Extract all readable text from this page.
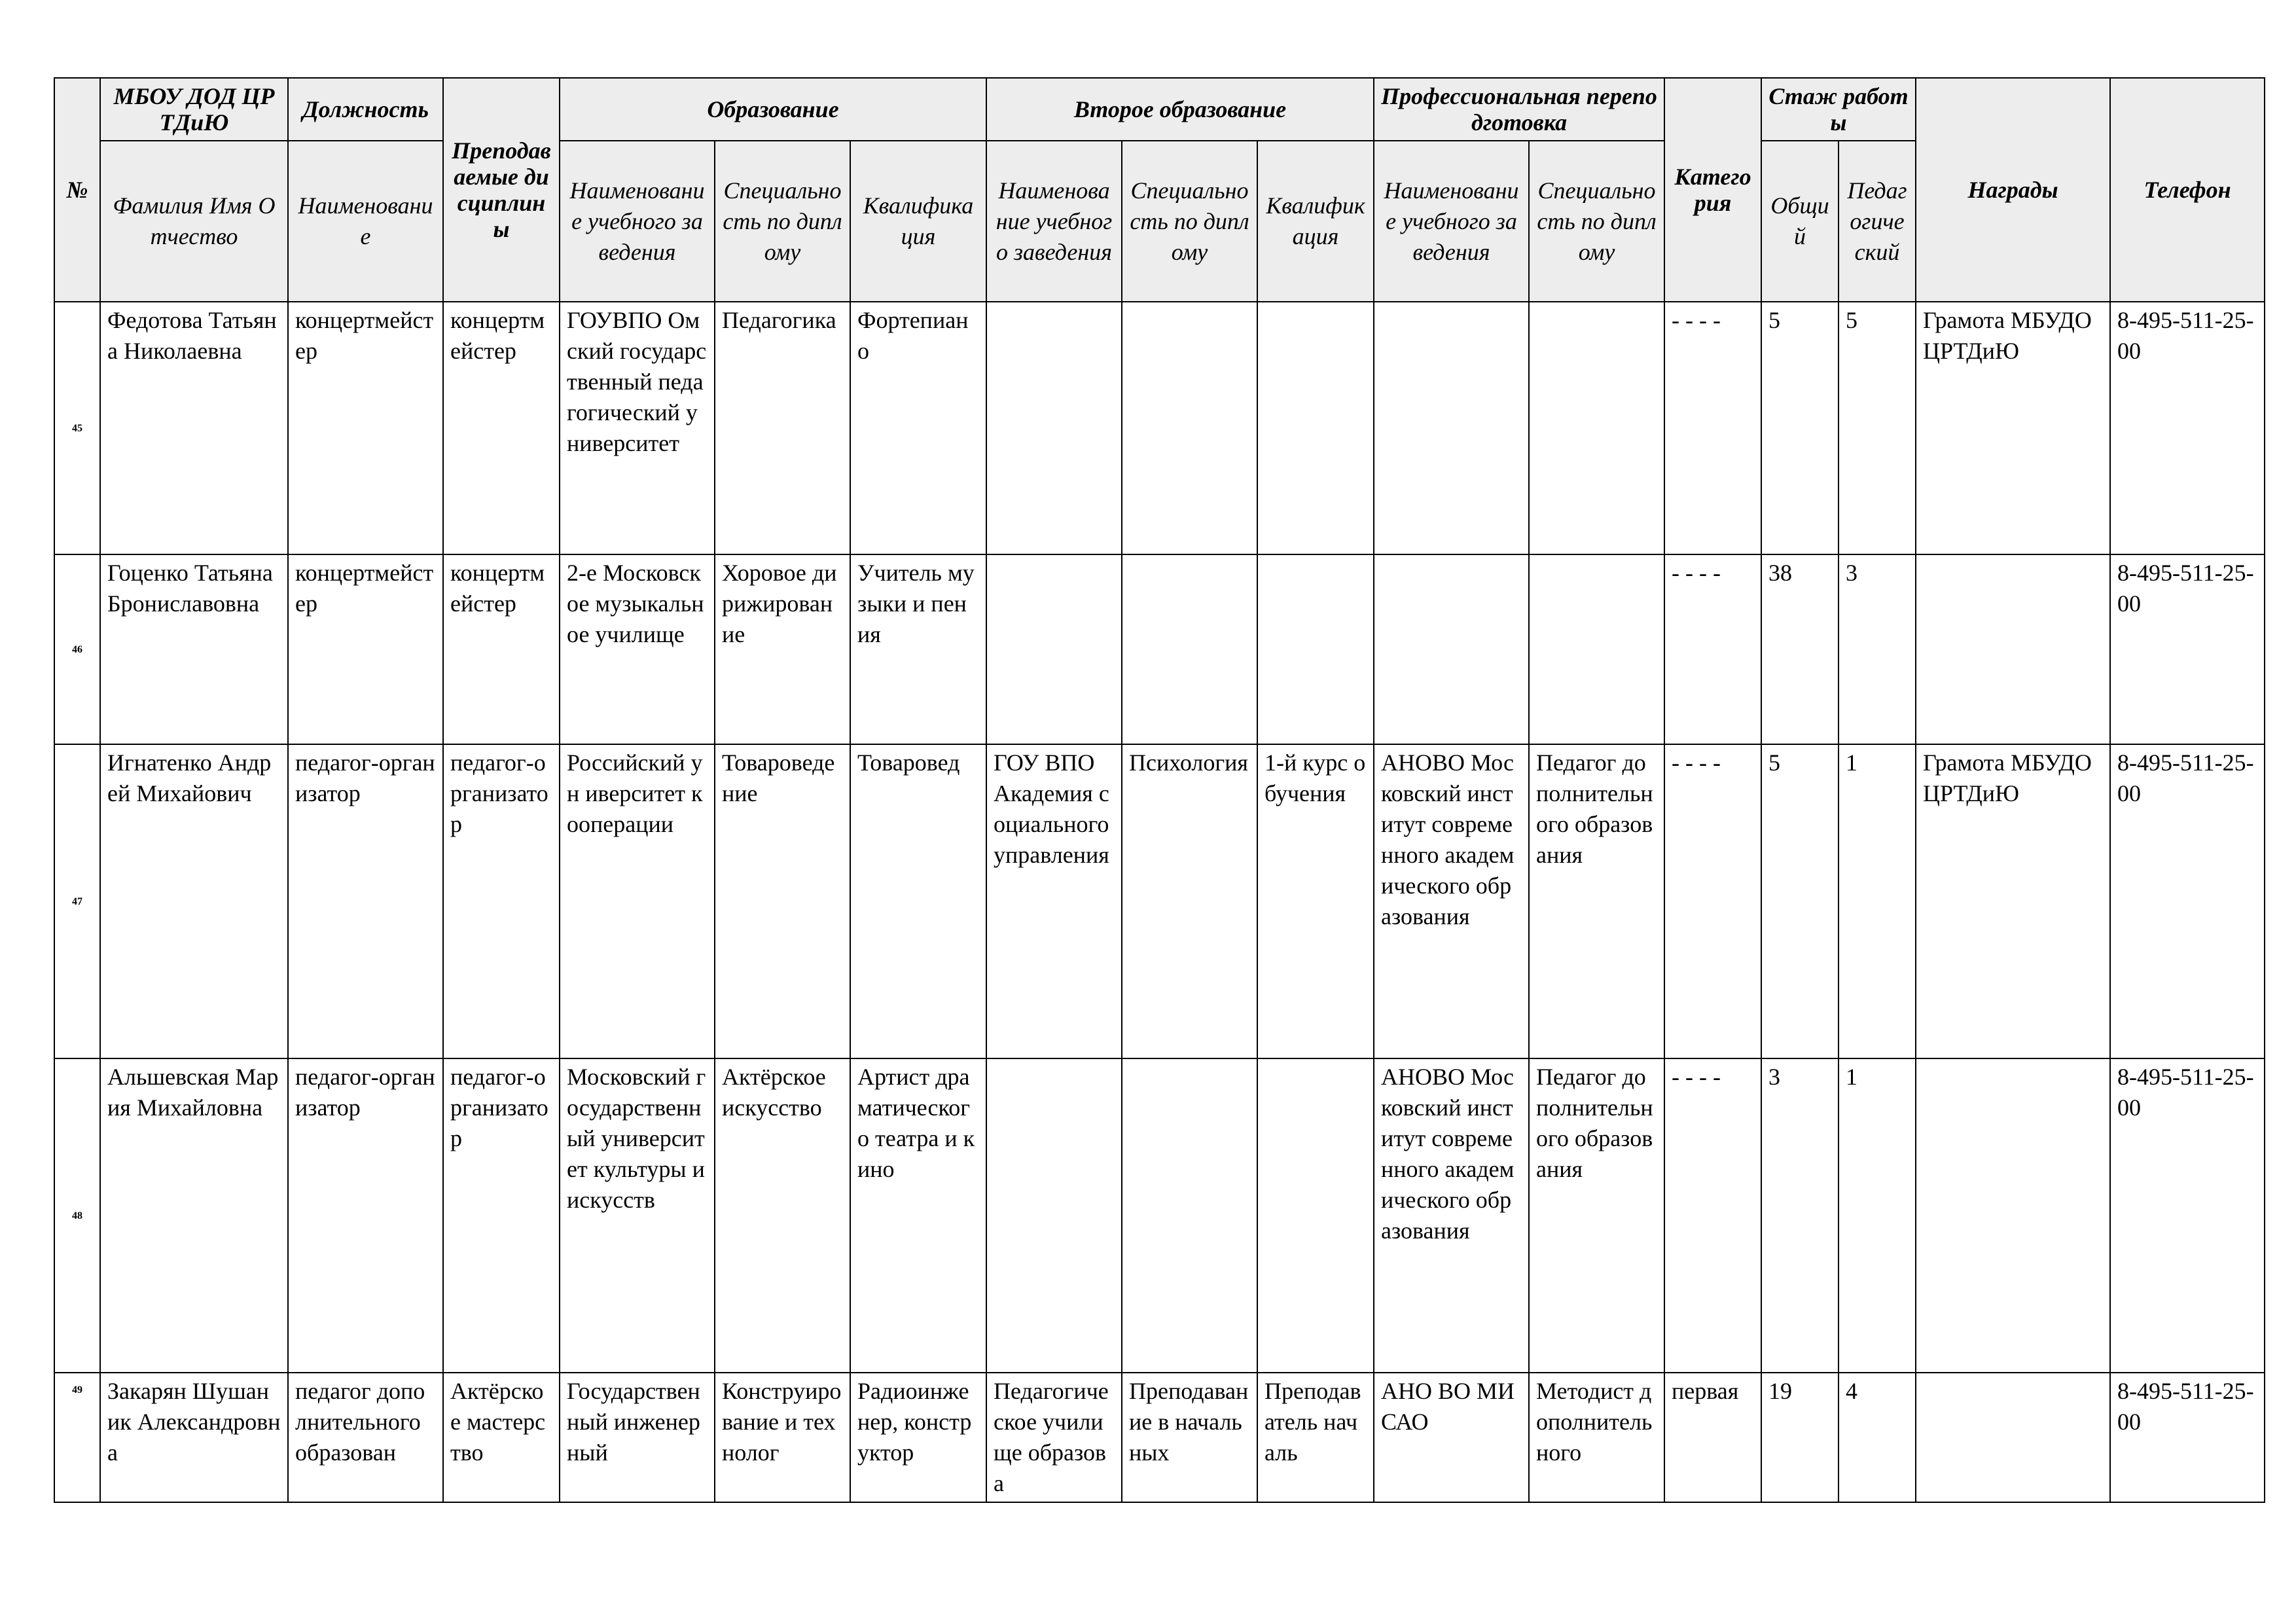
№	МБОУ ДОД ЦРТДиЮ	Должность	Преподаваемые дисциплины	Образование			Второе образование			Профессиональная переподготовка		Категория	Стаж работы		Награды	Телефон
	Фамилия Имя Отчество	Наименование		Наименование учебного заведения	Специальность по диплому	Квалификация	Наименование учебного заведения	Специальность по диплому	Квалификация	Наименование учебного заведения	Специальность по диплому		Общий	Педагогический		
45	Федотова Татьяна Николаевна	концертмейстер	концертмейстер	ГОУВПО Омский государственный педагогический университет	Педагогика	Фортепиано						- - - -	5	5	Грамота МБУДО ЦРТДиЮ	8-495-511-25-00
46	Гоценко Татьяна Брониславовна	концертмейстер	концертмейстер	2-е Московское музыкальное училище	Хоровое дирижирование	Учитель музыки и пения						- - - -	38	3		8-495-511-25-00
47	Игнатенко Андрей Михайович	педагог-организатор	педагог-организатор	Российский ун иверситет кооперации	Товароведение	Товаровед	ГОУ ВПО Академия социального управления	Психология	1-й курс обучения	АНОВО Московский институт современного академического образования	Педагог дополнительного образования	- - - -	5	1	Грамота МБУДО ЦРТДиЮ	8-495-511-25-00
48	Альшевская Мария Михайловна	педагог-организатор	педагог-организатор	Московский государственный университет культуры и искусств	Актёрское искусство	Артист драматического театра и кино				АНОВО Московский институт современного академического образования	Педагог дополнительного образования	- - - -	3	1		8-495-511-25-00
49	Закарян Шушаник Александровна	педагог дополнительного образован	Актёрское мастерство	Государственный инженерный	Конструирование и технолог	Радиоинженер, конструктор	Педагогическое училище образова	Преподавание в начальных	Преподаватель началь	АНО ВО МИСАО	Методист дополнительного	первая	19	4		8-495-511-25-00
